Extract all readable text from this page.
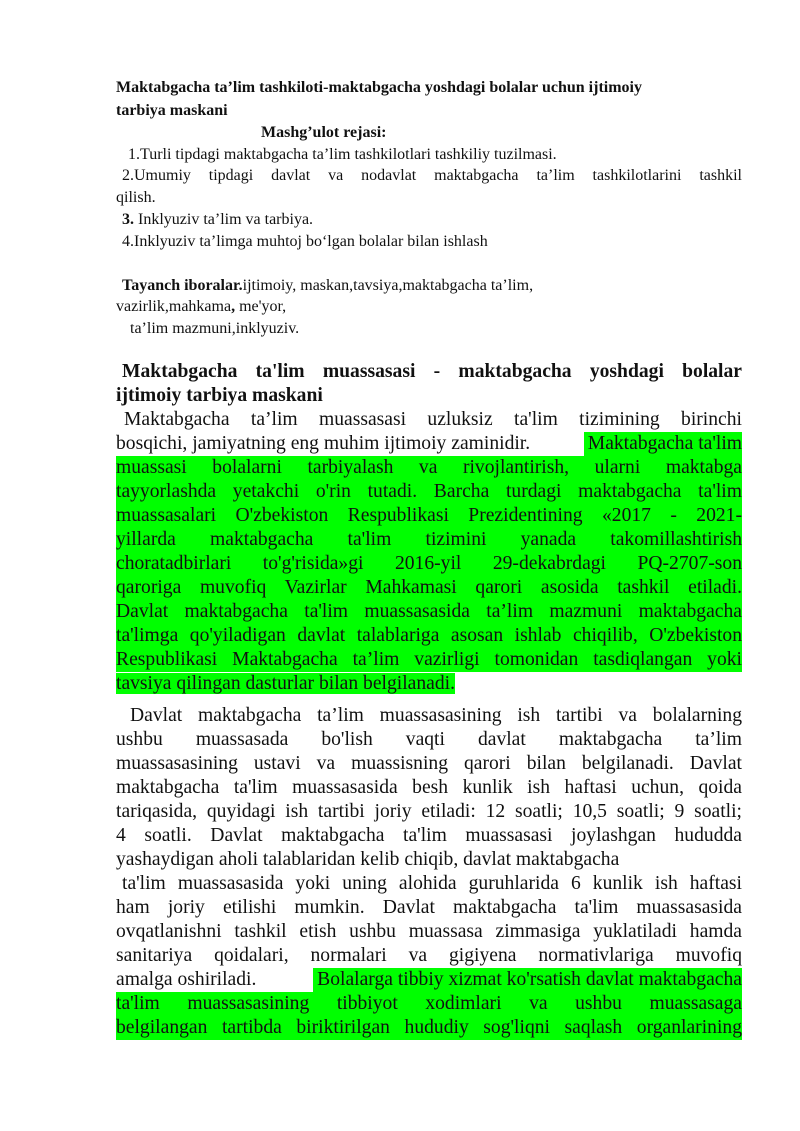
Maktabgacha ta’lim tashkiloti-maktabgacha yoshdagi bolalar uchun ijtimoiy
tarbiya maskani
Mashg’ulot rejasi:
1.Turli tipdagi maktabgacha ta’lim tashkilotlari tashkiliy tuzilmasi.
2.Umumiy tipdagi davlat va nodavlat maktabgacha ta’lim tashkilotlarini tashkil
qilish.
3. Inklyuziv ta’lim va tarbiya.
4.Inklyuziv ta’limga muhtoj bo‘lgan bolalar bilan ishlash
Tayanch iboralar.ijtimoiy, maskan,tavsiya,maktabgacha ta’lim,
vazirlik,mahkama, me'yor,
ta’lim mazmuni,inklyuziv.
Maktabgacha ta'lim muassasasi - maktabgacha yoshdagi bolalar
ijtimoiy tarbiya maskani
Maktabgacha ta’lim muassasasi uzluksiz ta'lim tizimining birinchi
bosqichi, jamiyatning eng muhim ijtimoiy zaminidir.	Maktabgacha ta'lim
muassasi bolalarni tarbiyalash va rivojlantirish, ularni maktabga
tayyorlashda yetakchi o'rin tutadi. Barcha turdagi maktabgacha ta'lim
muassasalari O'zbekiston Respublikasi Prezidentining «2017 - 2021-
yillarda maktabgacha ta'lim tizimini yanada takomillashtirish
choratadbirlari to'g'risida»gi 2016-yil 29-dekabrdagi PQ-2707-son
qaroriga muvofiq Vazirlar Mahkamasi qarori asosida tashkil etiladi.
Davlat maktabgacha ta'lim muassasasida ta’lim mazmuni maktabgacha
ta'limga qo'yiladigan davlat talablariga asosan ishlab chiqilib, O'zbekiston
Respublikasi Maktabgacha ta’lim vazirligi tomonidan tasdiqlangan yoki
tavsiya qilingan dasturlar bilan belgilanadi.
Davlat maktabgacha ta’lim muassasasining ish tartibi va bolalarning
ushbu muassasada bo'lish vaqti davlat maktabgacha ta’lim
muassasasining ustavi va muassisning qarori bilan belgilanadi. Davlat
maktabgacha ta'lim muassasasida besh kunlik ish haftasi uchun, qoida
tariqasida, quyidagi ish tartibi joriy etiladi: 12 soatli; 10,5 soatli; 9 soatli;
4 soatli. Davlat maktabgacha ta'lim muassasasi joylashgan hududda
yashaydigan aholi talablaridan kelib chiqib, davlat maktabgacha
ta'lim muassasasida yoki uning alohida guruhlarida 6 kunlik ish haftasi
ham joriy etilishi mumkin. Davlat maktabgacha ta'lim muassasasida
ovqatlanishni tashkil etish ushbu muassasa zimmasiga yuklatiladi hamda
sanitariya qoidalari, normalari va gigiyena normativlariga muvofiq
amalga oshiriladi.	Bolalarga tibbiy xizmat ko'rsatish davlat maktabgacha
ta'lim muassasasining tibbiyot xodimlari va ushbu muassasaga
belgilangan tartibda biriktirilgan hududiy sog'liqni saqlash organlarining
